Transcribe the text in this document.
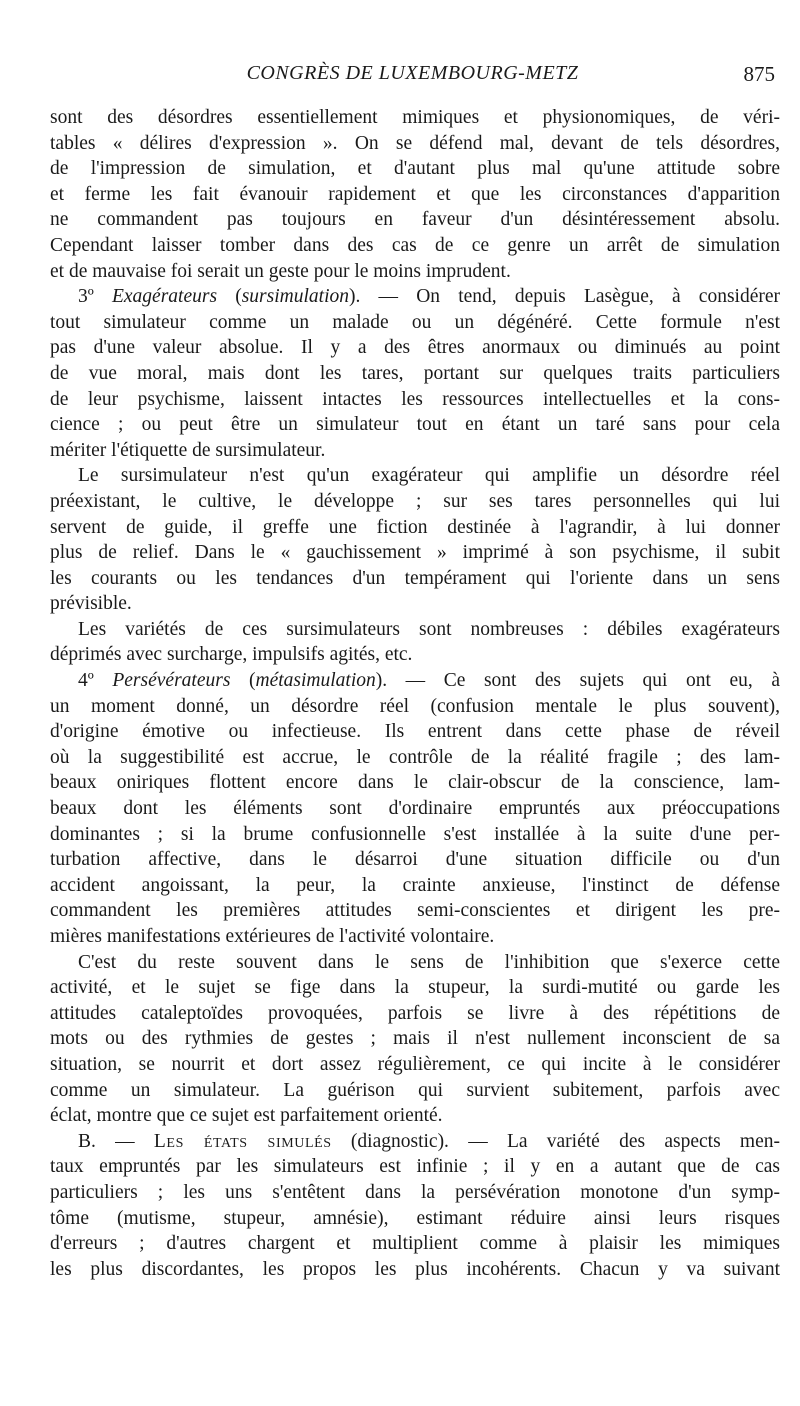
CONGRÈS DE LUXEMBOURG-METZ	875
sont des désordres essentiellement mimiques et physionomiques, de véri-
tables « délires d'expression ». On se défend mal, devant de tels désordres,
de l'impression de simulation, et d'autant plus mal qu'une attitude sobre
et ferme les fait évanouir rapidement et que les circonstances d'apparition
ne commandent pas toujours en faveur d'un désintéressement absolu.
Cependant laisser tomber dans des cas de ce genre un arrêt de simulation
et de mauvaise foi serait un geste pour le moins imprudent.
3º Exagérateurs (sursimulation). — On tend, depuis Lasègue, à considérer
tout simulateur comme un malade ou un dégénéré. Cette formule n'est
pas d'une valeur absolue. Il y a des êtres anormaux ou diminués au point
de vue moral, mais dont les tares, portant sur quelques traits particuliers
de leur psychisme, laissent intactes les ressources intellectuelles et la cons-
cience ; ou peut être un simulateur tout en étant un taré sans pour cela
mériter l'étiquette de sursimulateur.
Le sursimulateur n'est qu'un exagérateur qui amplifie un désordre réel
préexistant, le cultive, le développe ; sur ses tares personnelles qui lui
servent de guide, il greffe une fiction destinée à l'agrandir, à lui donner
plus de relief. Dans le « gauchissement » imprimé à son psychisme, il subit
les courants ou les tendances d'un tempérament qui l'oriente dans un sens
prévisible.
Les variétés de ces sursimulateurs sont nombreuses : débiles exagérateurs
déprimés avec surcharge, impulsifs agités, etc.
4º Persévérateurs (métasimulation). — Ce sont des sujets qui ont eu, à
un moment donné, un désordre réel (confusion mentale le plus souvent),
d'origine émotive ou infectieuse. Ils entrent dans cette phase de réveil
où la suggestibilité est accrue, le contrôle de la réalité fragile ; des lam-
beaux oniriques flottent encore dans le clair-obscur de la conscience, lam-
beaux dont les éléments sont d'ordinaire empruntés aux préoccupations
dominantes ; si la brume confusionnelle s'est installée à la suite d'une per-
turbation affective, dans le désarroi d'une situation difficile ou d'un
accident angoissant, la peur, la crainte anxieuse, l'instinct de défense
commandent les premières attitudes semi-conscientes et dirigent les pre-
mières manifestations extérieures de l'activité volontaire.
C'est du reste souvent dans le sens de l'inhibition que s'exerce cette
activité, et le sujet se fige dans la stupeur, la surdi-mutité ou garde les
attitudes cataleptoïdes provoquées, parfois se livre à des répétitions de
mots ou des rythmies de gestes ; mais il n'est nullement inconscient de sa
situation, se nourrit et dort assez régulièrement, ce qui incite à le considérer
comme un simulateur. La guérison qui survient subitement, parfois avec
éclat, montre que ce sujet est parfaitement orienté.
B. — Les états simulés (diagnostic). — La variété des aspects men-
taux empruntés par les simulateurs est infinie ; il y en a autant que de cas
particuliers ; les uns s'entêtent dans la persévération monotone d'un symp-
tôme (mutisme, stupeur, amnésie), estimant réduire ainsi leurs risques
d'erreurs ; d'autres chargent et multiplient comme à plaisir les mimiques
les plus discordantes, les propos les plus incohérents. Chacun y va suivant
